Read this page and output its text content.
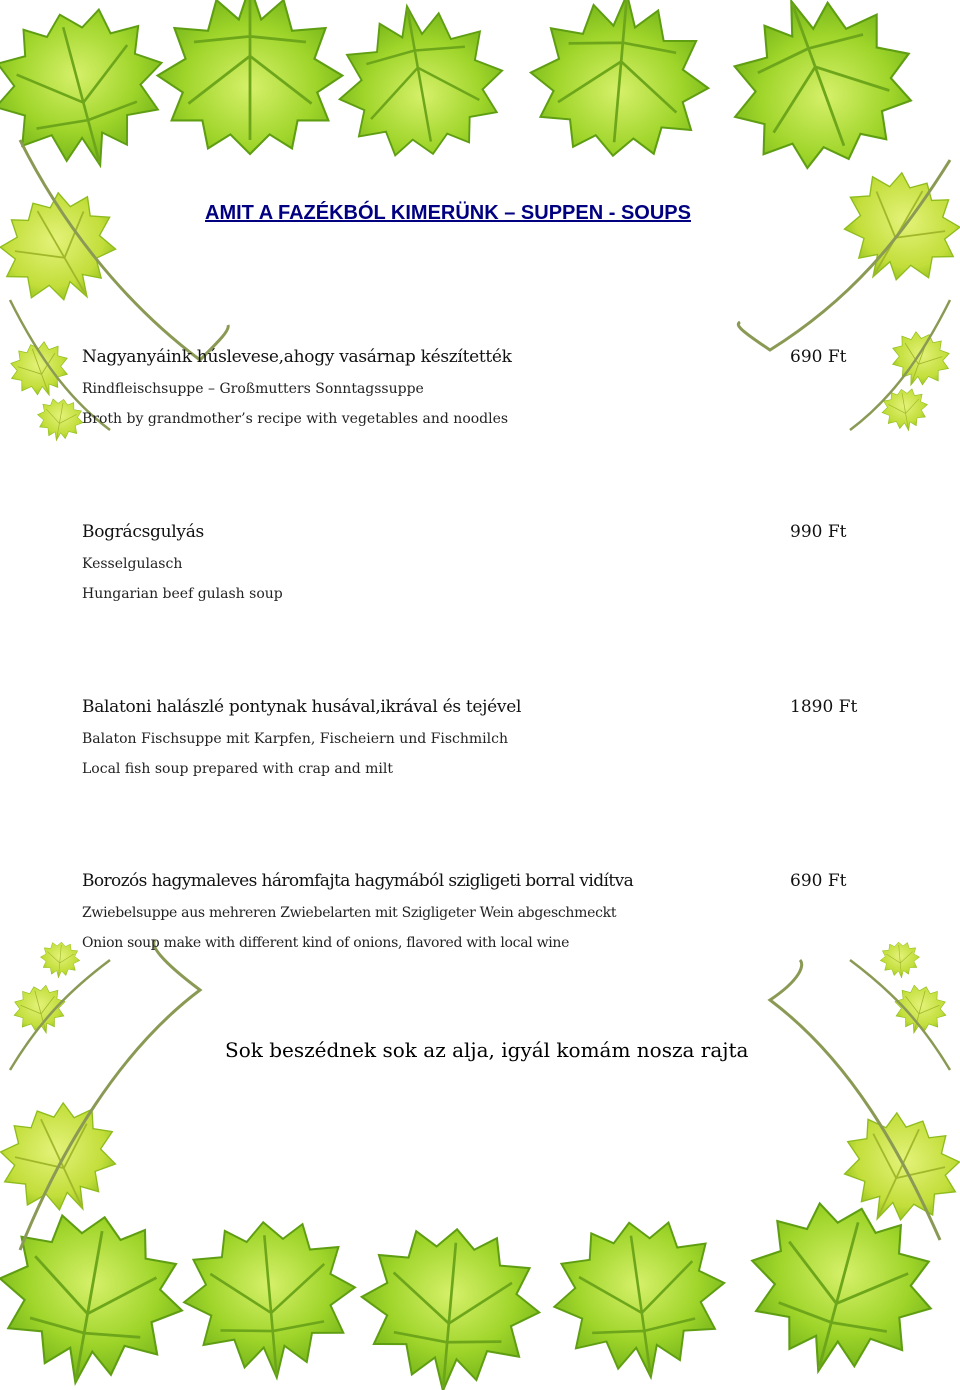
AMIT A FAZÉKBÓL KIMERÜNK – SUPPEN - SOUPS
Nagyanyáink húslevese,ahogy vasárnap készítették	690 Ft
Rindfleischsuppe – Großmutters Sonntagssuppe
Broth by grandmother’s recipe with vegetables and noodles
Bográcsgulyás	990 Ft
Kesselgulasch
Hungarian beef gulash soup
Balatoni halászlé pontynak husával,ikrával és tejével	1890 Ft
Balaton Fischsuppe mit Karpfen, Fischeiern und Fischmilch
Local fish soup prepared with crap and milt
Borozós hagymaleves háromfajta hagymából szigligeti borral vidítva	690 Ft
Zwiebelsuppe aus mehreren Zwiebelarten mit Szigligeter Wein abgeschmeckt
Onion soup make with different kind of onions, flavored with local wine
Sok beszédnek sok az alja, igyál komám nosza rajta
